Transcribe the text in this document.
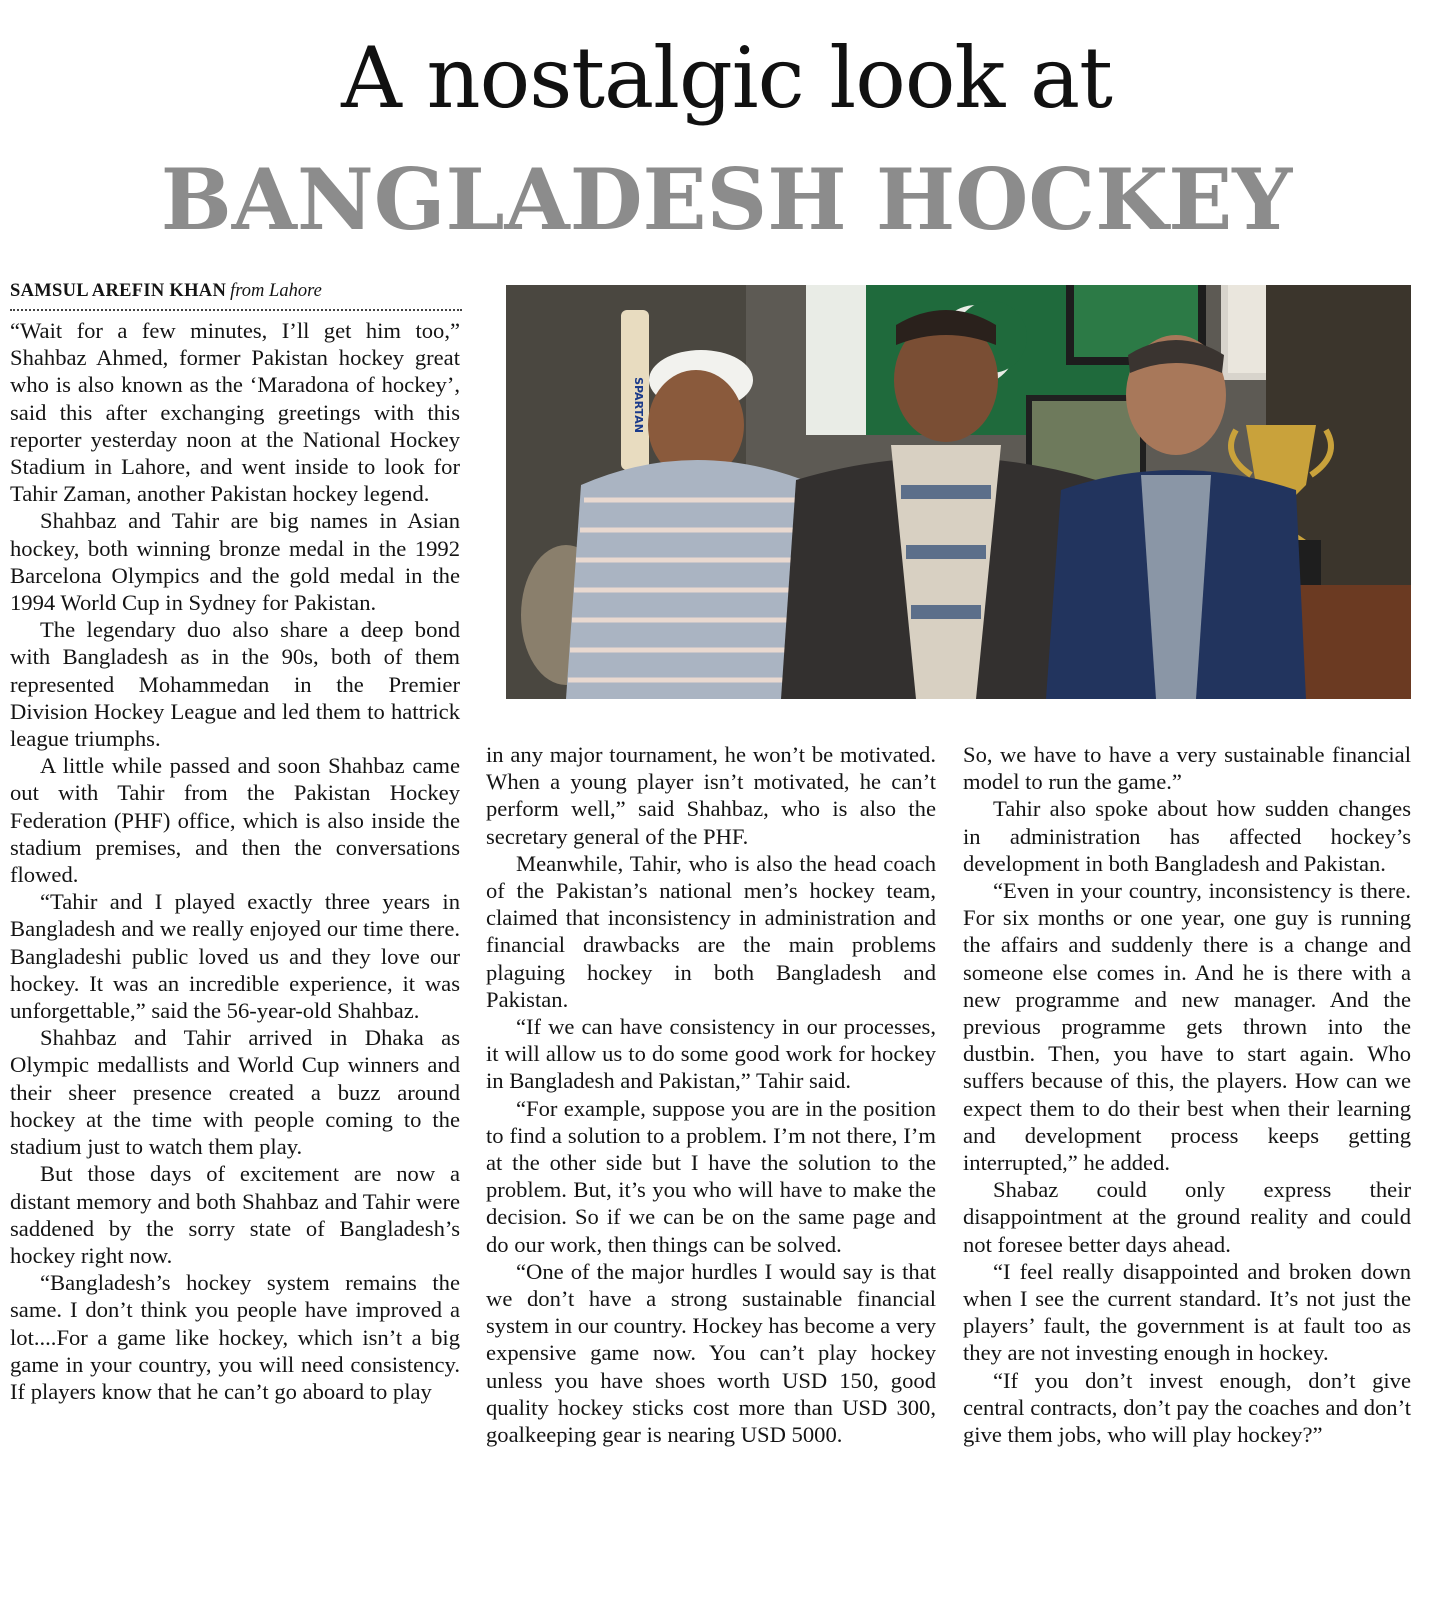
A nostalgic look at
BANGLADESH HOCKEY
SAMSUL AREFIN KHAN from Lahore
SPARTAN

“Wait for a few minutes, I’ll get him too,” Shahbaz Ahmed, former Pakistan hockey great who is also known as the ‘Maradona of hockey’, said this after exchanging greetings with this reporter yesterday noon at the National Hockey Stadium in Lahore, and went inside to look for Tahir Zaman, another Pakistan hockey legend.

Shahbaz and Tahir are big names in Asian hockey, both winning bronze medal in the 1992 Barcelona Olympics and the gold medal in the 1994 World Cup in Sydney for Pakistan.

The legendary duo also share a deep bond with Bangladesh as in the 90s, both of them represented Mohammedan in the Premier Division Hockey League and led them to hattrick league triumphs.

A little while passed and soon Shahbaz came out with Tahir from the Pakistan Hockey Federation (PHF) office, which is also inside the stadium premises, and then the conversations flowed.

“Tahir and I played exactly three years in Bangladesh and we really enjoyed our time there. Bangladeshi public loved us and they love our hockey. It was an incredible experience, it was unforgettable,” said the 56-year-old Shahbaz.

Shahbaz and Tahir arrived in Dhaka as Olympic medallists and World Cup winners and their sheer presence created a buzz around hockey at the time with people coming to the stadium just to watch them play.

But those days of excitement are now a distant memory and both Shahbaz and Tahir were saddened by the sorry state of Bangladesh’s hockey right now.

“Bangladesh’s hockey system remains the same. I don’t think you people have improved a lot....For a game like hockey, which isn’t a big game in your country, you will need consistency. If players know that he can’t go aboard to play

in any major tournament, he won’t be motivated. When a young player isn’t motivated, he can’t perform well,” said Shahbaz, who is also the secretary general of the PHF.

Meanwhile, Tahir, who is also the head coach of the Pakistan’s national men’s hockey team, claimed that inconsistency in administration and financial drawbacks are the main problems plaguing hockey in both Bangladesh and Pakistan.

“If we can have consistency in our processes, it will allow us to do some good work for hockey in Bangladesh and Pakistan,” Tahir said.

“For example, suppose you are in the position to find a solution to a problem. I’m not there, I’m at the other side but I have the solution to the problem. But, it’s you who will have to make the decision. So if we can be on the same page and do our work, then things can be solved.

“One of the major hurdles I would say is that we don’t have a strong sustainable financial system in our country. Hockey has become a very expensive game now. You can’t play hockey unless you have shoes worth USD 150, good quality hockey sticks cost more than USD 300, goalkeeping gear is nearing USD 5000.

So, we have to have a very sustainable financial model to run the game.”

Tahir also spoke about how sudden changes in administration has affected hockey’s development in both Bangladesh and Pakistan.

“Even in your country, inconsistency is there. For six months or one year, one guy is running the affairs and suddenly there is a change and someone else comes in. And he is there with a new programme and new manager. And the previous programme gets thrown into the dustbin. Then, you have to start again. Who suffers because of this, the players. How can we expect them to do their best when their learning and development process keeps getting interrupted,” he added.

Shabaz could only express their disappointment at the ground reality and could not foresee better days ahead.

“I feel really disappointed and broken down when I see the current standard. It’s not just the players’ fault, the government is at fault too as they are not investing enough in hockey.

“If you don’t invest enough, don’t give central contracts, don’t pay the coaches and don’t give them jobs, who will play hockey?”
